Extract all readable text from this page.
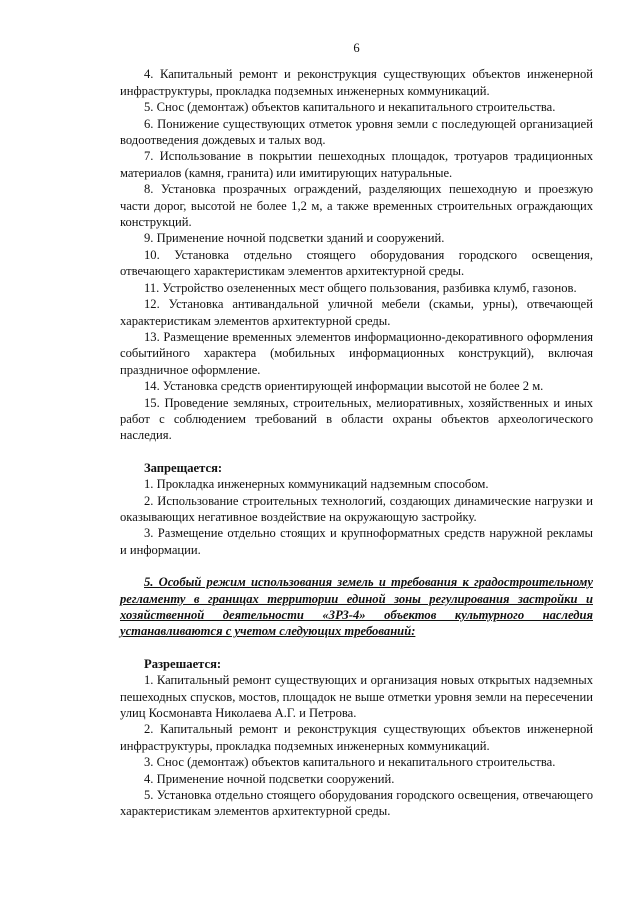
6

4. Капитальный ремонт и реконструкция существующих объектов инженерной инфраструктуры, прокладка подземных инженерных коммуникаций.

5. Снос (демонтаж) объектов капитального и некапитального строительства.

6. Понижение существующих отметок уровня земли с последующей организацией водоотведения дождевых и талых вод.

7. Использование в покрытии пешеходных площадок, тротуаров традиционных материалов (камня, гранита) или имитирующих натуральные.

8. Установка прозрачных ограждений, разделяющих пешеходную и проезжую части дорог, высотой не более 1,2 м, а также временных строительных ограждающих конструкций.

9. Применение ночной подсветки зданий и сооружений.

10. Установка отдельно стоящего оборудования городского освещения, отвечающего характеристикам элементов архитектурной среды.

11. Устройство озелененных мест общего пользования, разбивка клумб, газонов.

12. Установка антивандальной уличной мебели (скамьи, урны), отвечающей характеристикам элементов архитектурной среды.

13. Размещение временных элементов информационно-декоративного оформления событийного характера (мобильных информационных конструкций), включая праздничное оформление.

14. Установка средств ориентирующей информации высотой не более 2 м.

15. Проведение земляных, строительных, мелиоративных, хозяйственных и иных работ с соблюдением требований в области охраны объектов археологического наследия.

Запрещается:

1. Прокладка инженерных коммуникаций надземным способом.

2. Использование строительных технологий, создающих динамические нагрузки и оказывающих негативное воздействие на окружающую застройку.

3. Размещение отдельно стоящих и крупноформатных средств наружной рекламы и информации.

5. Особый режим использования земель и требования к градостроительному регламенту в границах территории единой зоны регулирования застройки и хозяйственной деятельности «ЗРЗ-4» объектов культурного наследия устанавливаются с учетом следующих требований:

Разрешается:

1. Капитальный ремонт существующих и организация новых открытых надземных пешеходных спусков, мостов, площадок не выше отметки уровня земли на пересечении улиц Космонавта Николаева А.Г. и Петрова.

2. Капитальный ремонт и реконструкция существующих объектов инженерной инфраструктуры, прокладка подземных инженерных коммуникаций.

3. Снос (демонтаж) объектов капитального и некапитального строительства.

4. Применение ночной подсветки сооружений.

5. Установка отдельно стоящего оборудования городского освещения, отвечающего характеристикам элементов архитектурной среды.
